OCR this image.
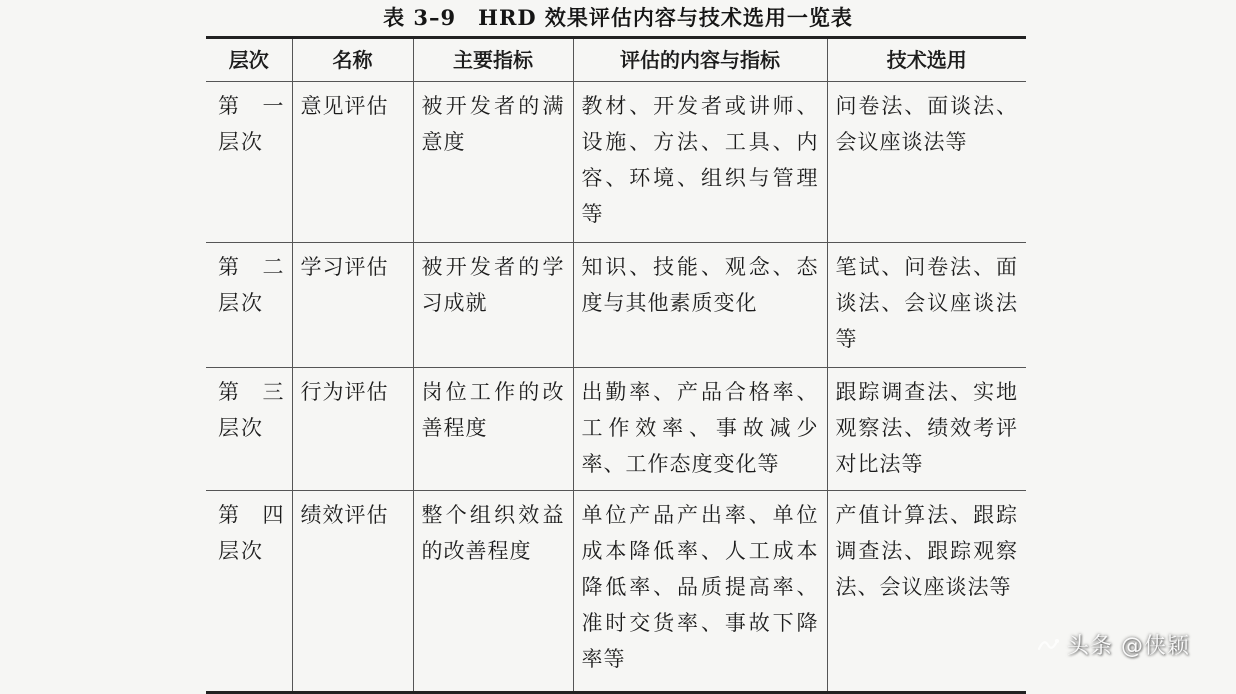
表 3–9　HRD 效果评估内容与技术选用一览表
层次	名称	主要指标	评估的内容与指标	技术选用
第一层次	意见评估	被开发者的满意度	教材、开发者或讲师、设施、方法、工具、内容、环境、组织与管理等	问卷法、面谈法、会议座谈法等
第二层次	学习评估	被开发者的学习成就	知识、技能、观念、态度与其他素质变化	笔试、问卷法、面谈法、会议座谈法等
第三层次	行为评估	岗位工作的改善程度	出勤率、产品合格率、工作效率、事故减少率、工作态度变化等	跟踪调查法、实地观察法、绩效考评对比法等
第四层次	绩效评估	整个组织效益的改善程度	单位产品产出率、单位成本降低率、人工成本降低率、品质提高率、准时交货率、事故下降率等	产值计算法、跟踪调查法、跟踪观察法、会议座谈法等
头条 @侠颖
